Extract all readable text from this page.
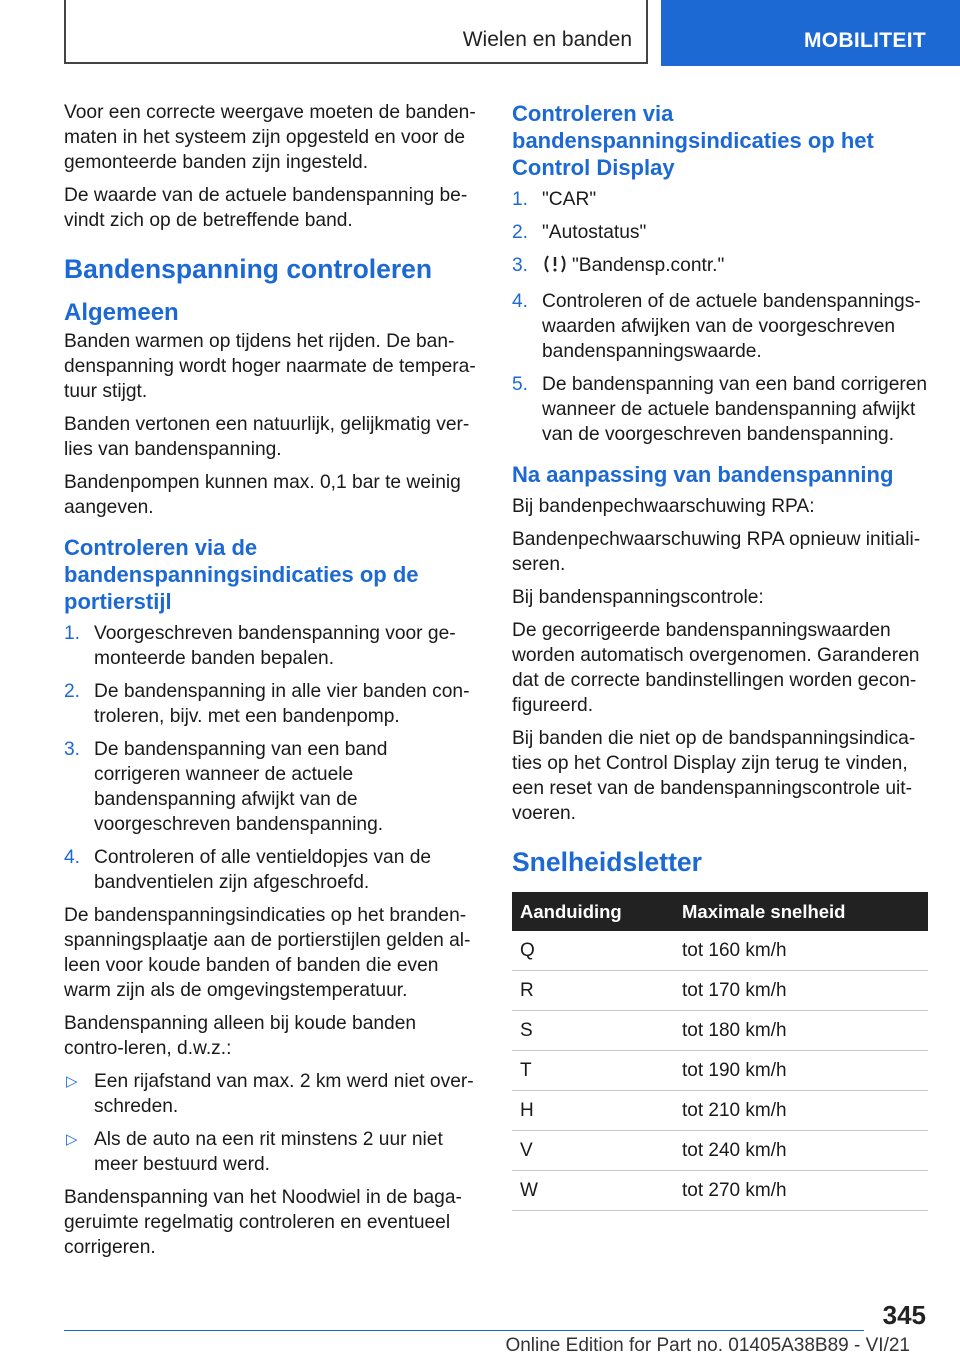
Wielen en banden	MOBILITEIT

Voor een correcte weergave moeten de banden-maten in het systeem zijn opgesteld en voor de gemonteerde banden zijn ingesteld.

De waarde van de actuele bandenspanning be-vindt zich op de betreffende band.

Bandenspanning controleren
Algemeen

Banden warmen op tijdens het rijden. De ban-denspanning wordt hoger naarmate de tempera-tuur stijgt.

Banden vertonen een natuurlijk, gelijkmatig ver-lies van bandenspanning.

Bandenpompen kunnen max. 0,1 bar te weinig aangeven.

Controleren via de bandenspanningsindicaties op de portierstijl
1. Voorgeschreven bandenspanning voor ge-monteerde banden bepalen.
2. De bandenspanning in alle vier banden con-troleren, bijv. met een bandenpomp.
3. De bandenspanning van een band corrigeren wanneer de actuele bandenspanning afwijkt van de voorgeschreven bandenspanning.
4. Controleren of alle ventieldopjes van de bandventielen zijn afgeschroefd.

De bandenspanningsindicaties op het branden-spanningsplaatje aan de portierstijlen gelden al-leen voor koude banden of banden die even warm zijn als de omgevingstemperatuur.

Bandenspanning alleen bij koude banden contro-leren, d.w.z.:

▷ Een rijafstand van max. 2 km werd niet over-schreden.
▷ Als de auto na een rit minstens 2 uur niet meer bestuurd werd.

Bandenspanning van het Noodwiel in de baga-geruimte regelmatig controleren en eventueel corrigeren.

Controleren via bandenspanningsindicaties op het Control Display
1. "CAR"
2. "Autostatus"
3. "Bandensp.contr."
4. Controleren of de actuele bandenspannings-waarden afwijken van de voorgeschreven bandenspanningswaarde.
5. De bandenspanning van een band corrigeren wanneer de actuele bandenspanning afwijkt van de voorgeschreven bandenspanning.
Na aanpassing van bandenspanning

Bij bandenpechwaarschuwing RPA:

Bandenpechwaarschuwing RPA opnieuw initiali-seren.

Bij bandenspanningscontrole:

De gecorrigeerde bandenspanningswaarden worden automatisch overgenomen. Garanderen dat de correcte bandinstellingen worden gecon-figureerd.

Bij banden die niet op de bandspanningsindica-ties op het Control Display zijn terug te vinden, een reset van de bandenspanningscontrole uit-voeren.

Snelheidsletter
Aanduiding	Maximale snelheid
Q	tot 160 km/h
R	tot 170 km/h
S	tot 180 km/h
T	tot 190 km/h
H	tot 210 km/h
V	tot 240 km/h
W	tot 270 km/h
345
Online Edition for Part no. 01405A38B89 - VI/21
